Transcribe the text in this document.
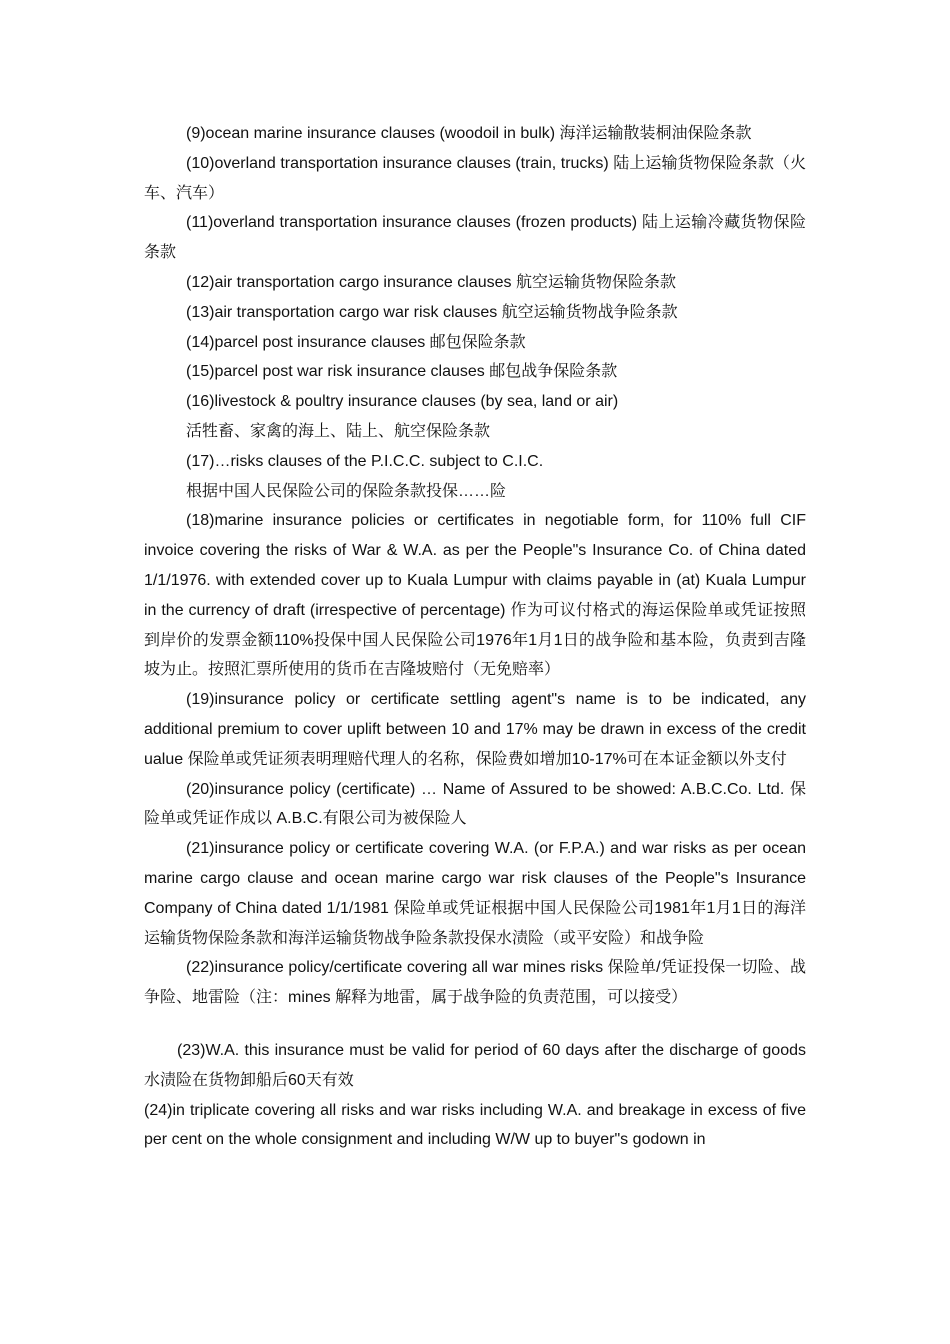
(9)ocean marine insurance clauses (woodoil in bulk) 海洋运输散装桐油保险条款

(10)overland transportation insurance clauses (train, trucks) 陆上运输货物保险条款（火车、汽车）

(11)overland transportation insurance clauses (frozen products) 陆上运输冷藏货物保险条款

(12)air transportation cargo insurance clauses 航空运输货物保险条款

(13)air transportation cargo war risk clauses 航空运输货物战争险条款

(14)parcel post insurance clauses 邮包保险条款

(15)parcel post war risk insurance clauses 邮包战争保险条款

(16)livestock & poultry insurance clauses (by sea, land or air)

活牲畜、家禽的海上、陆上、航空保险条款

(17)…risks clauses of the P.I.C.C. subject to C.I.C.

根据中国人民保险公司的保险条款投保……险

(18)marine insurance policies or certificates in negotiable form, for 110% full CIF invoice covering the risks of War & W.A. as per the People"s Insurance Co. of China dated 1/1/1976. with extended cover up to Kuala Lumpur with claims payable in (at) Kuala Lumpur in the currency of draft (irrespective of percentage) 作为可议付格式的海运保险单或凭证按照到岸价的发票金额110%投保中国人民保险公司1976年1月1日的战争险和基本险，负责到吉隆坡为止。按照汇票所使用的货币在吉隆坡赔付（无免赔率）

(19)insurance policy or certificate settling agent"s name is to be indicated, any additional premium to cover uplift between 10 and 17% may be drawn in excess of the credit ualue 保险单或凭证须表明理赔代理人的名称，保险费如增加10-17%可在本证金额以外支付

(20)insurance policy (certificate) … Name of Assured to be showed: A.B.C.Co. Ltd. 保险单或凭证作成以 A.B.C.有限公司为被保险人

(21)insurance policy or certificate covering W.A. (or F.P.A.) and war risks as per ocean marine cargo clause and ocean marine cargo war risk clauses of the People"s Insurance Company of China dated 1/1/1981 保险单或凭证根据中国人民保险公司1981年1月1日的海洋运输货物保险条款和海洋运输货物战争险条款投保水渍险（或平安险）和战争险

(22)insurance policy/certificate covering all war mines risks 保险单/凭证投保一切险、战争险、地雷险（注：mines 解释为地雷，属于战争险的负责范围，可以接受）

(23)W.A. this insurance must be valid for period of 60 days after the discharge of goods 水渍险在货物卸船后60天有效

(24)in triplicate covering all risks and war risks including W.A. and breakage in excess of five per cent on the whole consignment and including W/W up to buyer"s godown in
